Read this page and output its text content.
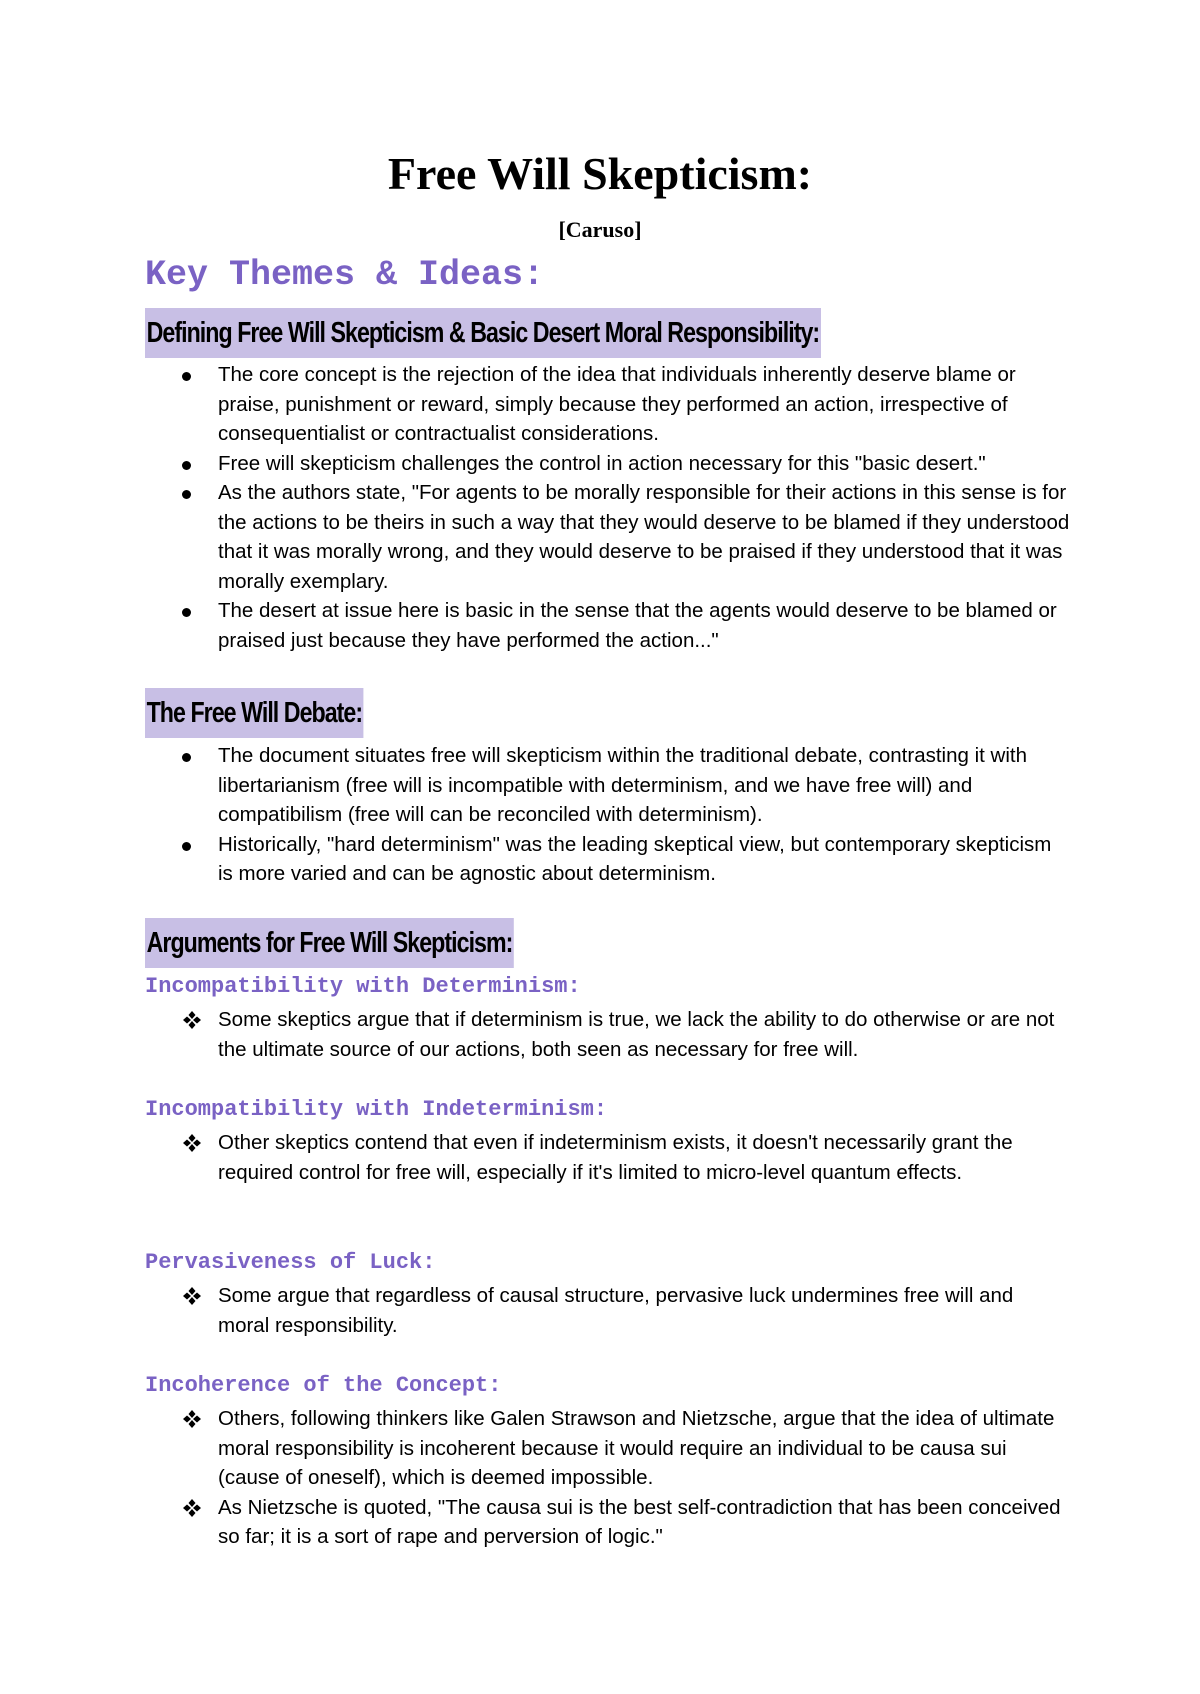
Free Will Skepticism:
[Caruso]
Key Themes & Ideas:
Defining Free Will Skepticism & Basic Desert Moral Responsibility:
The core concept is the rejection of the idea that individuals inherently deserve blame or praise, punishment or reward, simply because they performed an action, irrespective of consequentialist or contractualist considerations.
Free will skepticism challenges the control in action necessary for this "basic desert."
As the authors state, "For agents to be morally responsible for their actions in this sense is for the actions to be theirs in such a way that they would deserve to be blamed if they understood that it was morally wrong, and they would deserve to be praised if they understood that it was morally exemplary.
The desert at issue here is basic in the sense that the agents would deserve to be blamed or praised just because they have performed the action..."
The Free Will Debate:
The document situates free will skepticism within the traditional debate, contrasting it with libertarianism (free will is incompatible with determinism, and we have free will) and compatibilism (free will can be reconciled with determinism).
Historically, "hard determinism" was the leading skeptical view, but contemporary skepticism is more varied and can be agnostic about determinism.
Arguments for Free Will Skepticism:
Incompatibility with Determinism:
Some skeptics argue that if determinism is true, we lack the ability to do otherwise or are not the ultimate source of our actions, both seen as necessary for free will.
Incompatibility with Indeterminism:
Other skeptics contend that even if indeterminism exists, it doesn't necessarily grant the required control for free will, especially if it's limited to micro-level quantum effects.
Pervasiveness of Luck:
Some argue that regardless of causal structure, pervasive luck undermines free will and moral responsibility.
Incoherence of the Concept:
Others, following thinkers like Galen Strawson and Nietzsche, argue that the idea of ultimate moral responsibility is incoherent because it would require an individual to be causa sui (cause of oneself), which is deemed impossible.
As Nietzsche is quoted, "The causa sui is the best self-contradiction that has been conceived so far; it is a sort of rape and perversion of logic."
